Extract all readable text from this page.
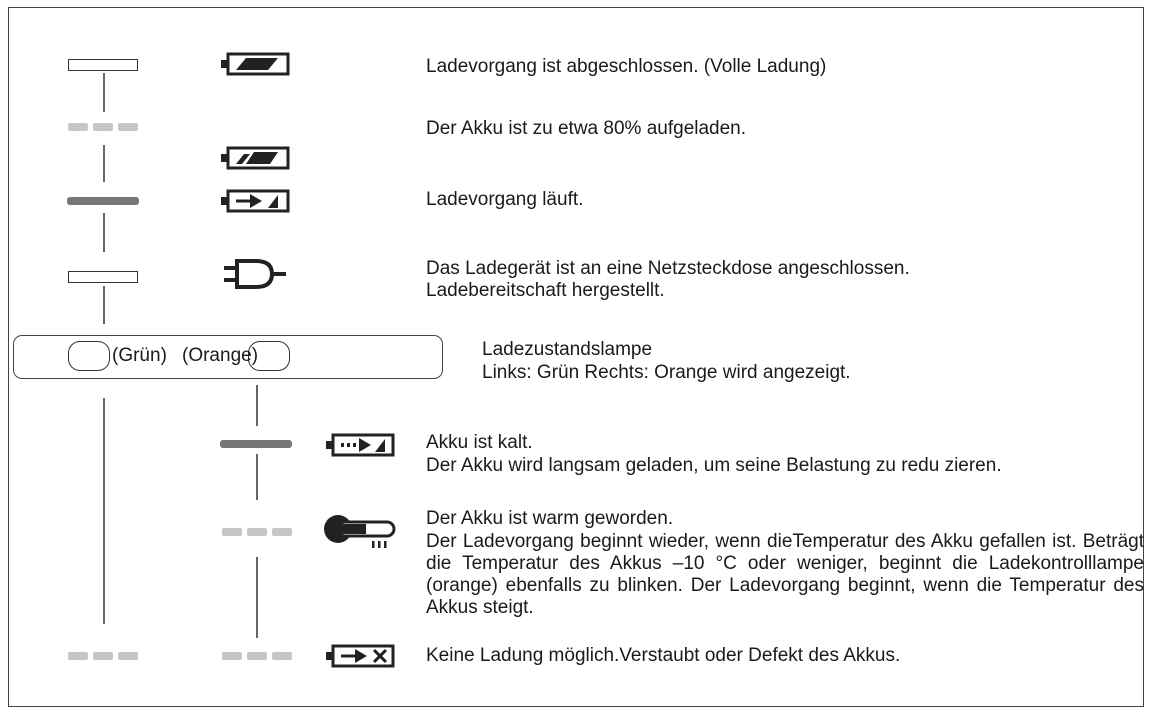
Ladevorgang ist abgeschlossen. (Volle Ladung)
Der Akku ist zu etwa 80% aufgeladen.
Ladevorgang läuft.
Das Ladegerät ist an eine Netzsteckdose angeschlossen.
Ladebereitschaft hergestellt.
(Grün) (Orange)	Ladezustandslampe
Links: Grün Rechts: Orange wird angezeigt.
Akku ist kalt.
Der Akku wird langsam geladen, um seine Belastung zu redu zieren.
Der Akku ist warm geworden.
Der Ladevorgang beginnt wieder, wenn dieTemperatur des Akku gefallen ist. Beträgt die Temperatur des Akkus –10 °C oder weniger, beginnt die Ladekontrolllampe (orange) ebenfalls zu blinken. Der Ladevorgang beginnt, wenn die Temperatur des Akkus steigt.
Keine Ladung möglich.Verstaubt oder Defekt des Akkus.
